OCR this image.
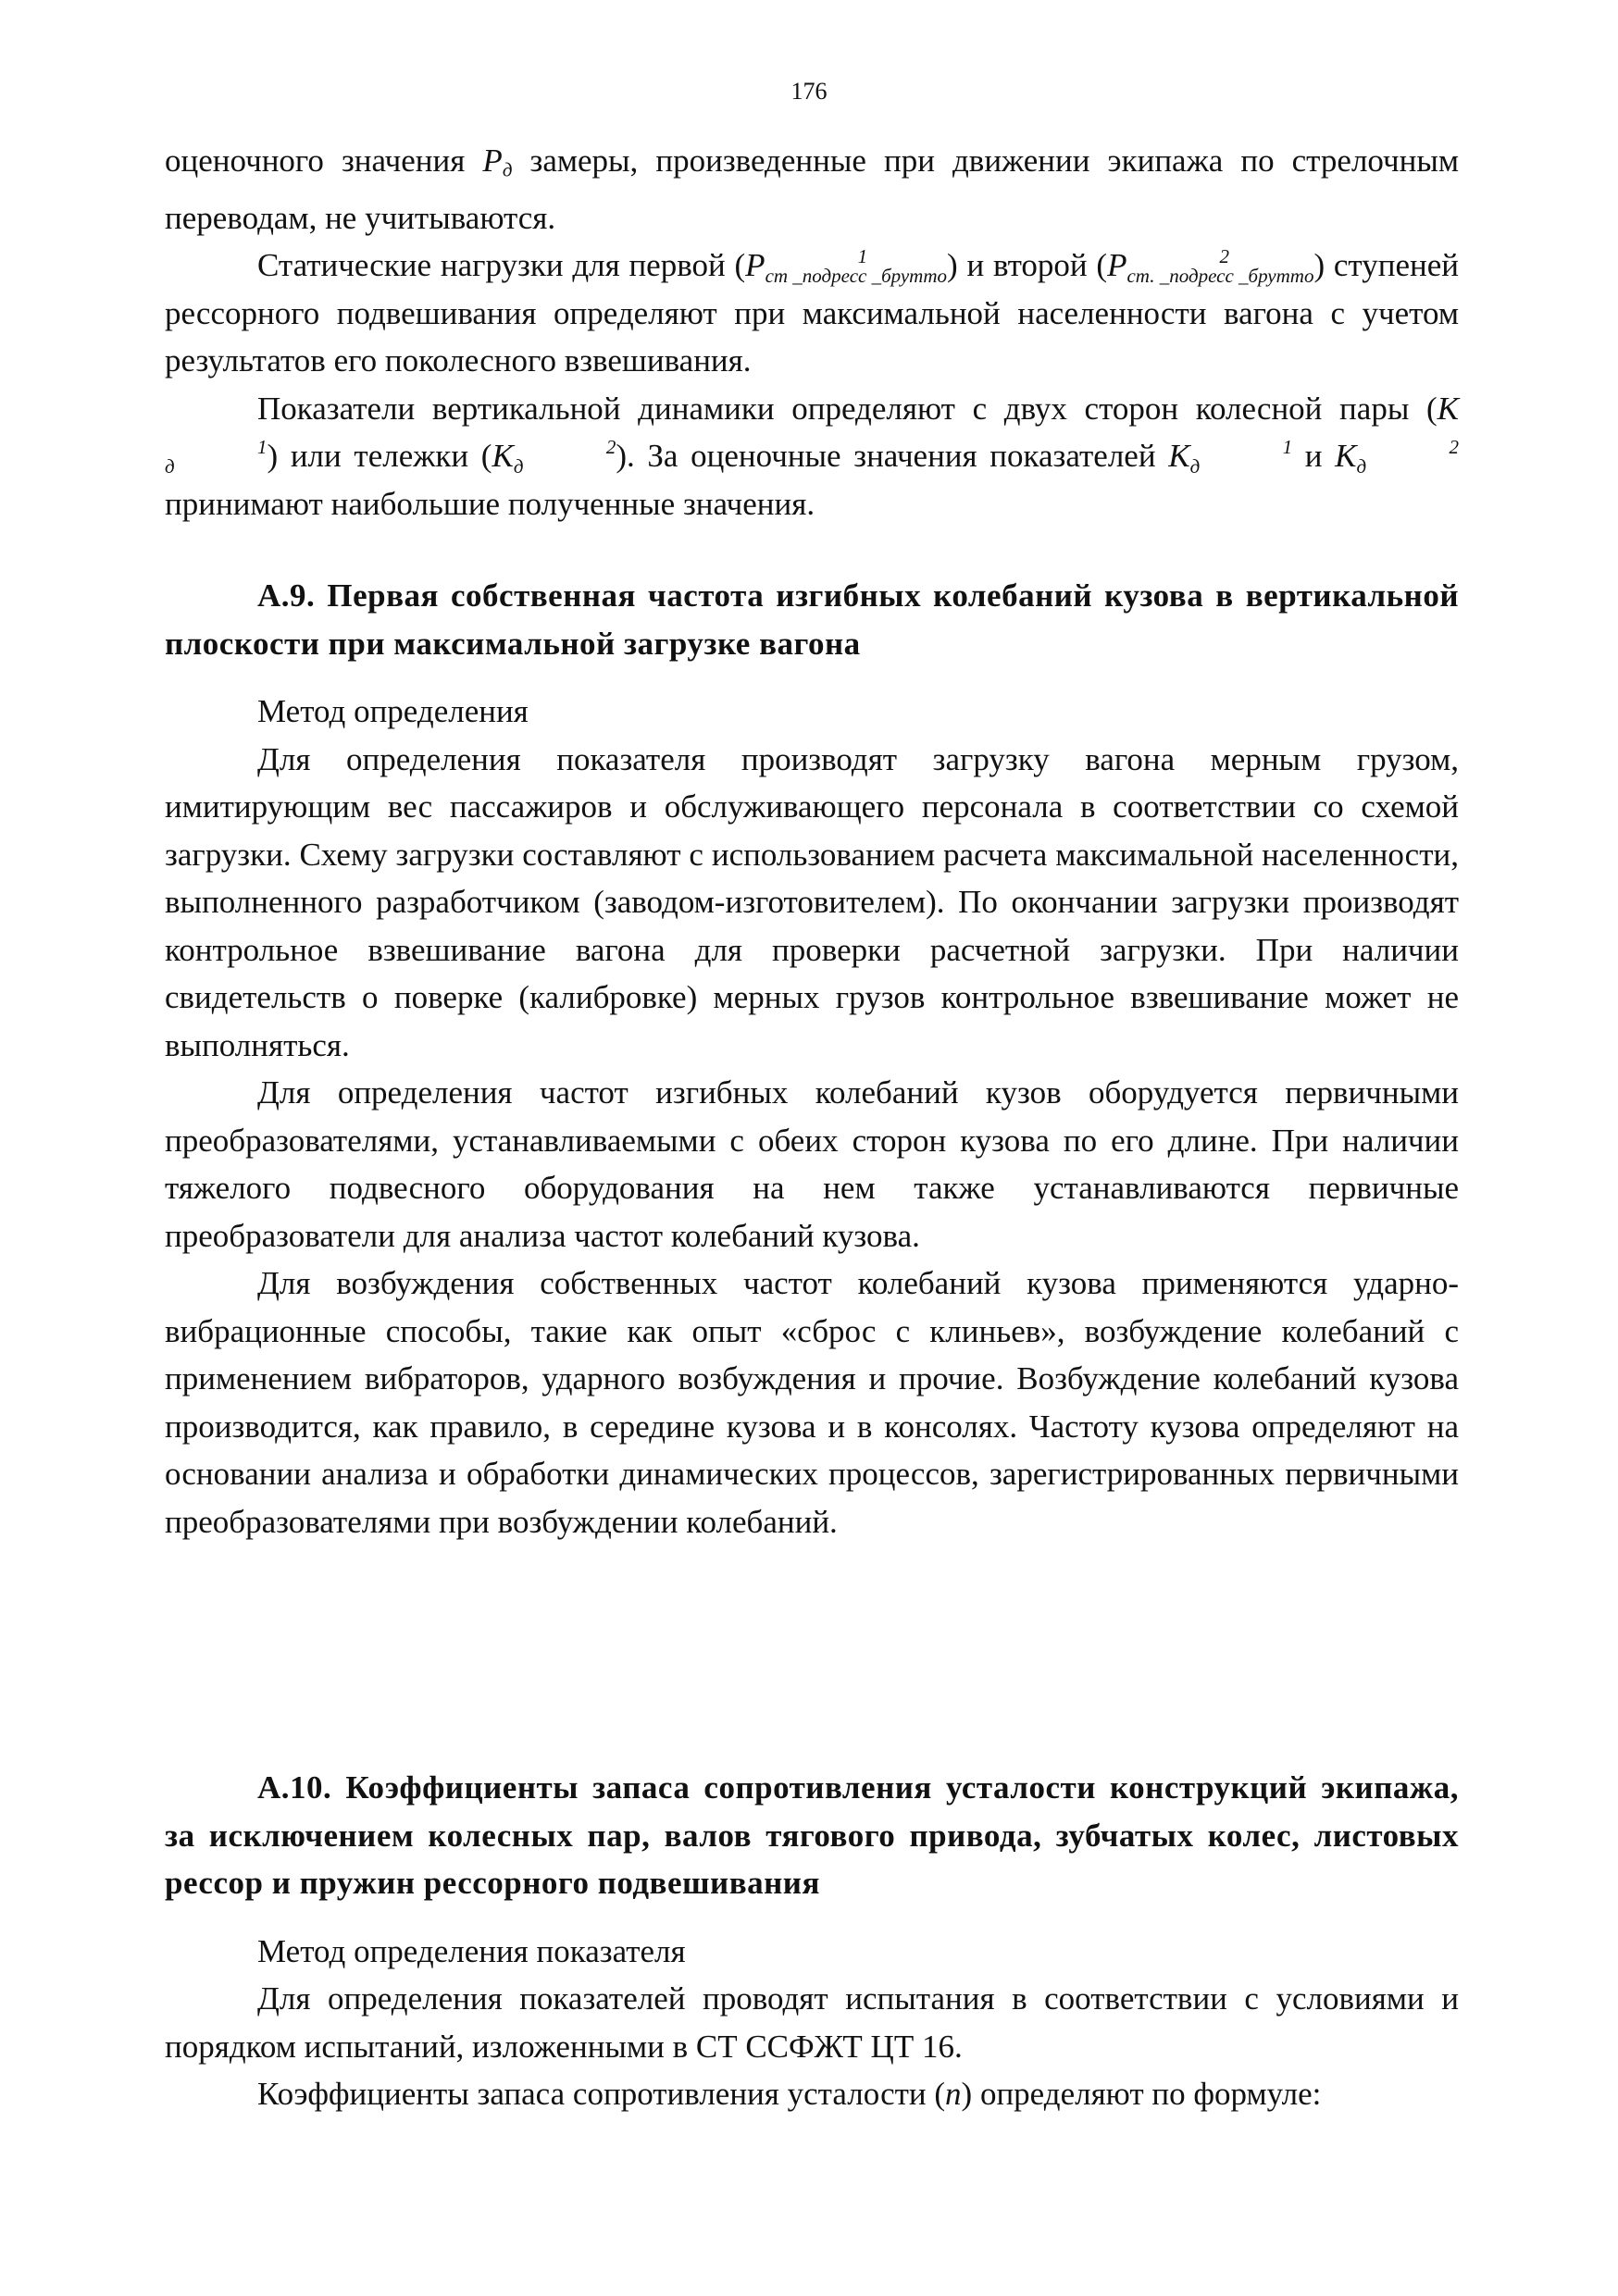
176

оценочного значения $P_д$ замеры, произведенные при движении экипажа по стрелочным переводам, не учитываются.

Статические нагрузки для первой (P	1
ст _подресс _брутто) и второй (P	2
ст. _подресс _брутто) ступеней рессорного подвешивания определяют при максимальной населенности вагона с учетом результатов его поколесного взвешивания.

Показатели вертикальной динамики определяют с двух сторон колесной пары (K1
д	) или тележки (K	2
д	). За оценочные значения показателей K	1
д	и K	2
д принимают наибольшие полученные значения.

А.9. Первая собственная частота изгибных колебаний кузова в вертикальной плоскости при максимальной загрузке вагона

Метод определения

Для определения показателя производят загрузку вагона мерным грузом, имитирующим вес пассажиров и обслуживающего персонала в соответствии со схемой загрузки. Схему загрузки составляют с использованием расчета максимальной населенности, выполненного разработчиком (заводом-изготовителем). По окончании загрузки производят контрольное взвешивание вагона для проверки расчетной загрузки. При наличии свидетельств о поверке (калибровке) мерных грузов контрольное взвешивание может не выполняться.

Для определения частот изгибных колебаний кузов оборудуется первичными преобразователями, устанавливаемыми с обеих сторон кузова по его длине. При наличии тяжелого подвесного оборудования на нем также устанавливаются первичные преобразователи для анализа частот колебаний кузова.

Для возбуждения собственных частот колебаний кузова применяются ударно-вибрационные способы, такие как опыт «сброс с клиньев», возбуждение колебаний с применением вибраторов, ударного возбуждения и прочие. Возбуждение колебаний кузова производится, как правило, в середине кузова и в консолях. Частоту кузова определяют на основании анализа и обработки динамических процессов, зарегистрированных первичными преобразователями при возбуждении колебаний.

А.10. Коэффициенты запаса сопротивления усталости конструкций экипажа, за исключением колесных пар, валов тягового привода, зубчатых колес, листовых рессор и пружин рессорного подвешивания

Метод определения показателя

Для определения показателей проводят испытания в соответствии с условиями и порядком испытаний, изложенными в СТ ССФЖТ ЦТ 16.

Коэффициенты запаса сопротивления усталости (n) определяют по формуле:
